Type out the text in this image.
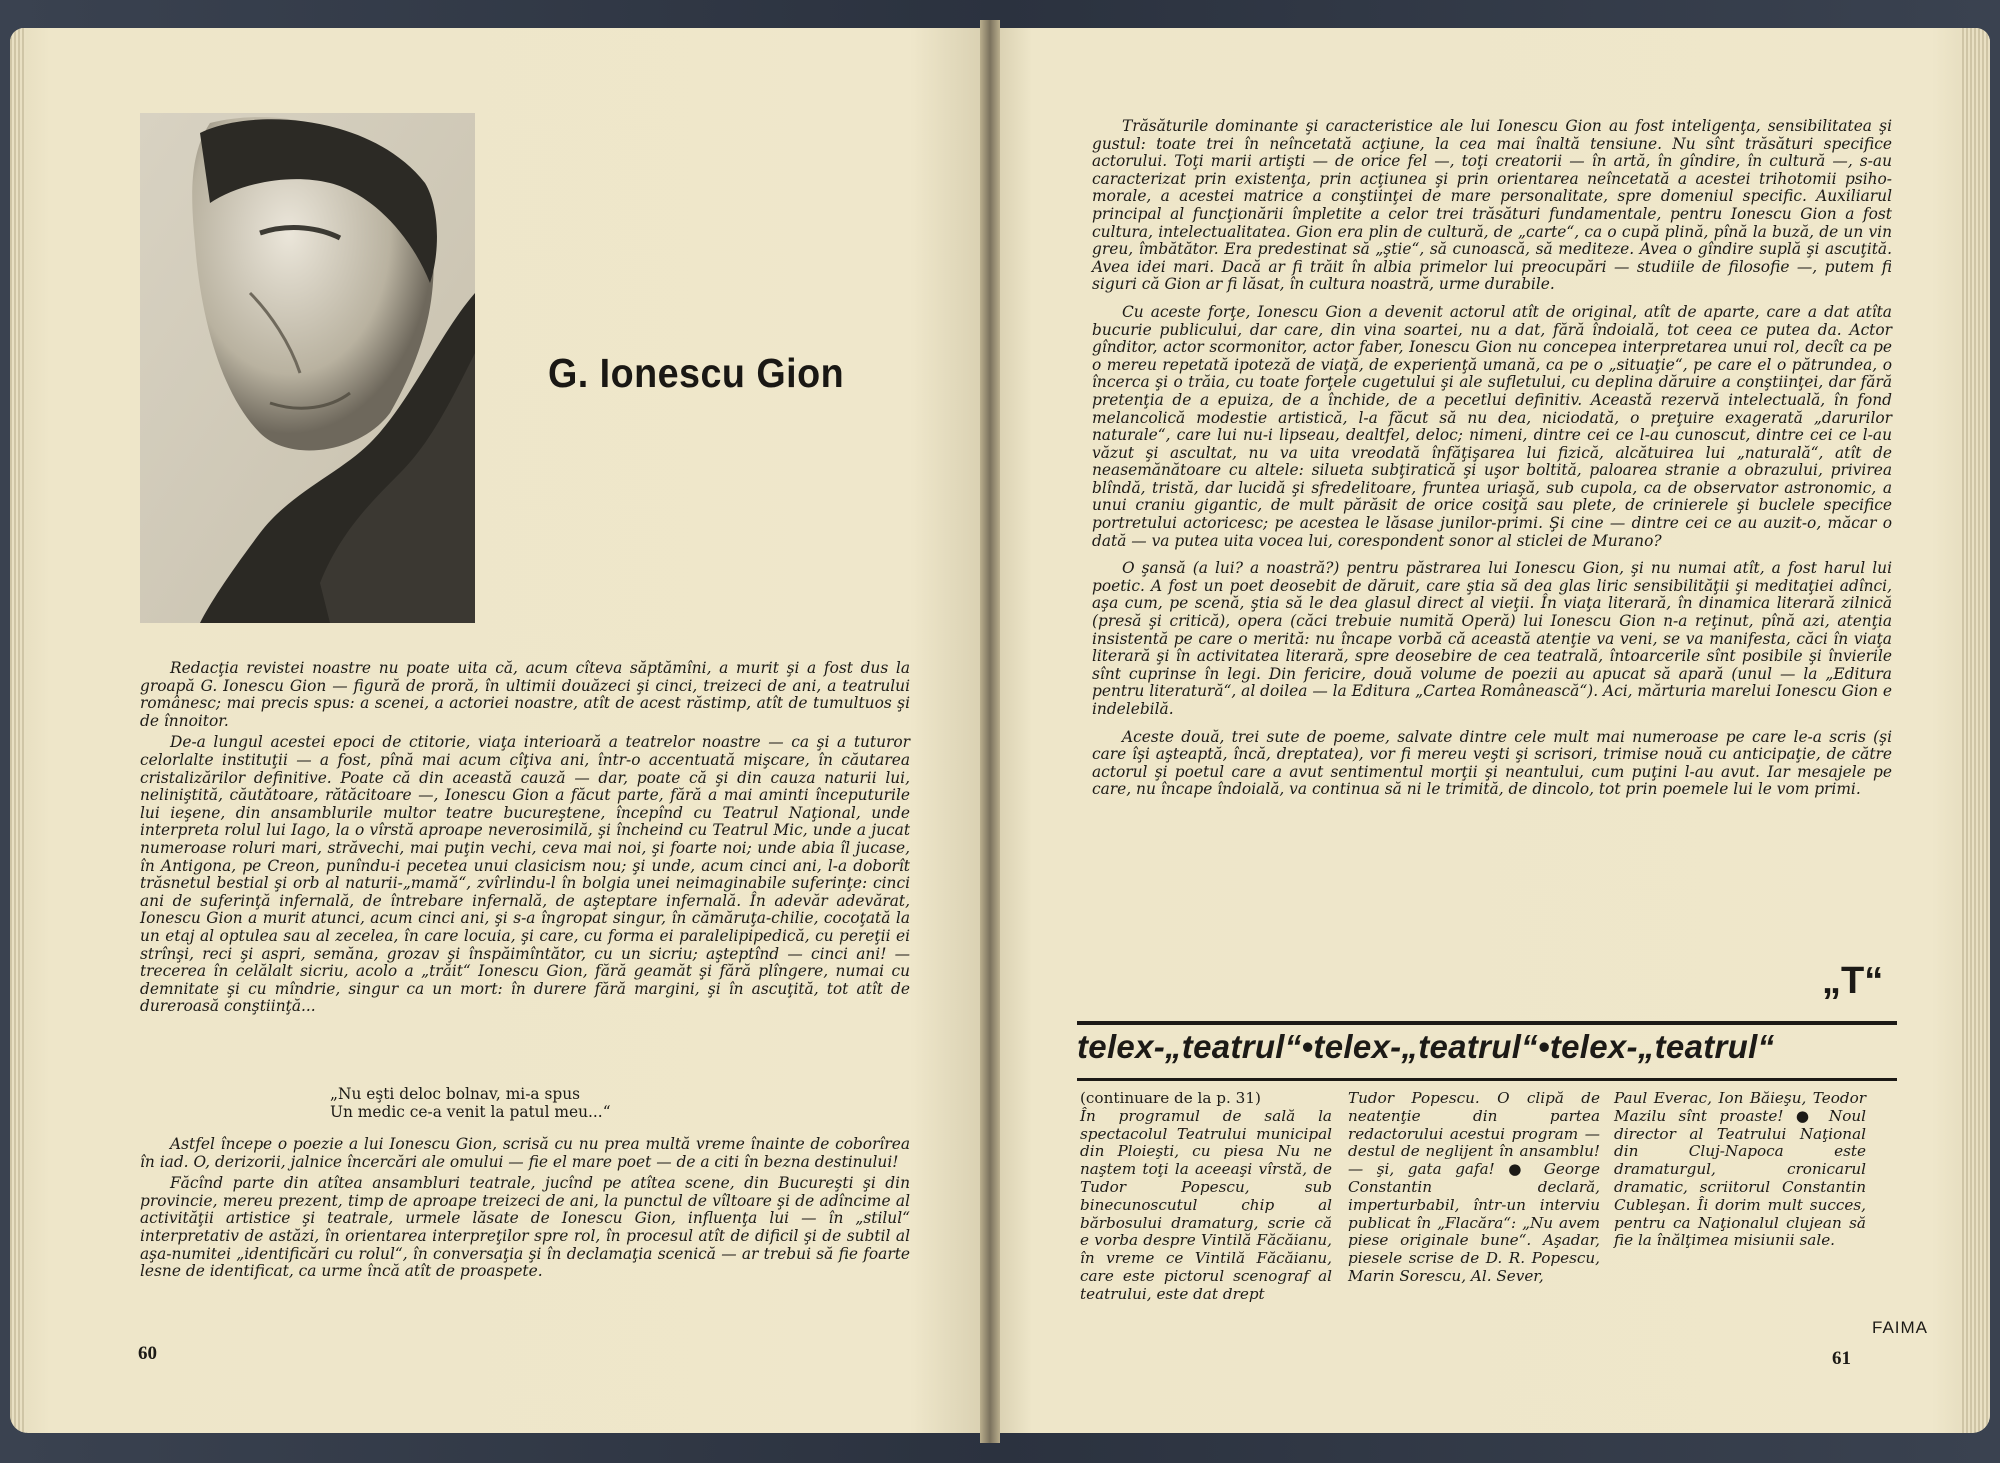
G. Ionescu Gion

Redacţia revistei noastre nu poate uita că, acum cîteva săptămîni, a murit şi a fost dus la groapă G. Ionescu Gion — figură de proră, în ultimii douăzeci şi cinci, treizeci de ani, a teatrului românesc; mai precis spus: a scenei, a actoriei noastre, atît de acest răstimp, atît de tumultuos şi de înnoitor.

De-a lungul acestei epoci de ctitorie, viaţa interioară a teatrelor noastre — ca şi a tuturor celorlalte instituţii — a fost, pînă mai acum cîţiva ani, într-o accentuată mişcare, în căutarea cristalizărilor definitive. Poate că din această cauză — dar, poate că şi din cauza naturii lui, neliniştită, căutătoare, rătăcitoare —, Ionescu Gion a făcut parte, fără a mai aminti începuturile lui ieşene, din ansamblurile multor teatre bucureştene, începînd cu Teatrul Naţional, unde interpreta rolul lui Iago, la o vîrstă aproape neverosimilă, şi încheind cu Teatrul Mic, unde a jucat numeroase roluri mari, străvechi, mai puţin vechi, ceva mai noi, şi foarte noi; unde abia îl jucase, în Antigona, pe Creon, punîndu-i pecetea unui clasicism nou; şi unde, acum cinci ani, l-a doborît trăsnetul bestial şi orb al naturii-„mamă“, zvîrlindu-l în bolgia unei neimaginabile suferinţe: cinci ani de suferinţă infernală, de întrebare infernală, de aşteptare infernală. În adevăr adevărat, Ionescu Gion a murit atunci, acum cinci ani, şi s-a îngropat singur, în cămăruţa-chilie, cocoţată la un etaj al optulea sau al zecelea, în care locuia, şi care, cu forma ei paralelipipedică, cu pereţii ei strînşi, reci şi aspri, semăna, grozav şi înspăimîntător, cu un sicriu; aşteptînd — cinci ani! — trecerea în celălalt sicriu, acolo a „trăit“ Ionescu Gion, fără geamăt şi fără plîngere, numai cu demnitate şi cu mîndrie, singur ca un mort: în durere fără margini, şi în ascuţită, tot atît de dureroasă conştiinţă...

„Nu eşti deloc bolnav, mi-a spus
Un medic ce-a venit la patul meu...“

Astfel începe o poezie a lui Ionescu Gion, scrisă cu nu prea multă vreme înainte de coborîrea în iad. O, derizorii, jalnice încercări ale omului — fie el mare poet — de a citi în bezna destinului!

Făcînd parte din atîtea ansambluri teatrale, jucînd pe atîtea scene, din Bucureşti şi din provincie, mereu prezent, timp de aproape treizeci de ani, la punctul de vîltoare şi de adîncime al activităţii artistice şi teatrale, urmele lăsate de Ionescu Gion, influenţa lui — în „stilul“ interpretativ de astăzi, în orientarea interpreţilor spre rol, în procesul atît de dificil şi de subtil al aşa-numitei „identificări cu rolul“, în conversaţia şi în declamaţia scenică — ar trebui să fie foarte lesne de identificat, ca urme încă atît de proaspete.

60

Trăsăturile dominante şi caracteristice ale lui Ionescu Gion au fost inteligenţa, sensibilitatea şi gustul: toate trei în neîncetată acţiune, la cea mai înaltă tensiune. Nu sînt trăsături specifice actorului. Toţi marii artişti — de orice fel —, toţi creatorii — în artă, în gîndire, în cultură —, s-au caracterizat prin existenţa, prin acţiunea şi prin orientarea neîncetată a acestei trihotomii psiho-morale, a acestei matrice a conştiinţei de mare personalitate, spre domeniul specific. Auxiliarul principal al funcţionării împletite a celor trei trăsături fundamentale, pentru Ionescu Gion a fost cultura, intelectualitatea. Gion era plin de cultură, de „carte“, ca o cupă plină, pînă la buză, de un vin greu, îmbătător. Era predestinat să „ştie“, să cunoască, să mediteze. Avea o gîndire suplă şi ascuţită. Avea idei mari. Dacă ar fi trăit în albia primelor lui preocupări — studiile de filosofie —, putem fi siguri că Gion ar fi lăsat, în cultura noastră, urme durabile.

Cu aceste forţe, Ionescu Gion a devenit actorul atît de original, atît de aparte, care a dat atîta bucurie publicului, dar care, din vina soartei, nu a dat, fără îndoială, tot ceea ce putea da. Actor gînditor, actor scormonitor, actor faber, Ionescu Gion nu concepea interpretarea unui rol, decît ca pe o mereu repetată ipoteză de viaţă, de experienţă umană, ca pe o „situaţie“, pe care el o pătrundea, o încerca şi o trăia, cu toate forţele cugetului şi ale sufletului, cu deplina dăruire a conştiinţei, dar fără pretenţia de a epuiza, de a închide, de a pecetlui definitiv. Această rezervă intelectuală, în fond melancolică modestie artistică, l-a făcut să nu dea, niciodată, o preţuire exagerată „darurilor naturale“, care lui nu-i lipseau, dealtfel, deloc; nimeni, dintre cei ce l-au cunoscut, dintre cei ce l-au văzut şi ascultat, nu va uita vreodată înfăţişarea lui fizică, alcătuirea lui „naturală“, atît de neasemănătoare cu altele: silueta subţiratică şi uşor boltită, paloarea stranie a obrazului, privirea blîndă, tristă, dar lucidă şi sfredelitoare, fruntea uriaşă, sub cupola, ca de observator astronomic, a unui craniu gigantic, de mult părăsit de orice cosiţă sau plete, de crinierele şi buclele specifice portretului actoricesc; pe acestea le lăsase junilor-primi. Şi cine — dintre cei ce au auzit-o, măcar o dată — va putea uita vocea lui, corespondent sonor al sticlei de Murano?

O şansă (a lui? a noastră?) pentru păstrarea lui Ionescu Gion, şi nu numai atît, a fost harul lui poetic. A fost un poet deosebit de dăruit, care ştia să dea glas liric sensibilităţii şi meditaţiei adînci, aşa cum, pe scenă, ştia să le dea glasul direct al vieţii. În viaţa literară, în dinamica literară zilnică (presă şi critică), opera (căci trebuie numită Operă) lui Ionescu Gion n-a reţinut, pînă azi, atenţia insistentă pe care o merită: nu încape vorbă că această atenţie va veni, se va manifesta, căci în viaţa literară şi în activitatea literară, spre deosebire de cea teatrală, întoarcerile sînt posibile şi învierile sînt cuprinse în legi. Din fericire, două volume de poezii au apucat să apară (unul — la „Editura pentru literatură“, al doilea — la Editura „Cartea Românească“). Aci, mărturia marelui Ionescu Gion e indelebilă.

Aceste două, trei sute de poeme, salvate dintre cele mult mai numeroase pe care le-a scris (şi care îşi aşteaptă, încă, dreptatea), vor fi mereu veşti şi scrisori, trimise nouă cu anticipaţie, de către actorul şi poetul care a avut sentimentul morţii şi neantului, cum puţini l-au avut. Iar mesajele pe care, nu încape îndoială, va continua să ni le trimită, de dincolo, tot prin poemele lui le vom primi.

„T“
telex-„teatrul“•telex-„teatrul“•telex-„teatrul“
(continuare de la p. 31)
În programul de sală la spectacolul Teatrului municipal din Ploieşti, cu piesa Nu ne naştem toţi la aceeaşi vîrstă, de Tudor Popescu, sub binecunoscutul chip al bărbosului dramaturg, scrie că e vorba despre Vintilă Făcăianu, în vreme ce Vintilă Făcăianu, care este pictorul scenograf al teatrului, este dat drept
Tudor Popescu. O clipă de neatenţie din partea redactorului acestui program — destul de neglijent în ansamblu! — şi, gata gafa! ● George Constantin declară, imperturbabil, într-un interviu publicat în „Flacăra“: „Nu avem piese originale bune“. Aşadar, piesele scrise de D. R. Popescu, Marin Sorescu, Al. Sever,
Paul Everac, Ion Băieşu, Teodor Mazilu sînt proaste! ● Noul director al Teatrului Naţional din Cluj-Napoca este dramaturgul, cronicarul dramatic, scriitorul Constantin Cubleşan. Îi dorim mult succes, pentru ca Naţionalul clujean să fie la înălţimea misiunii sale.
FAIMA
61
